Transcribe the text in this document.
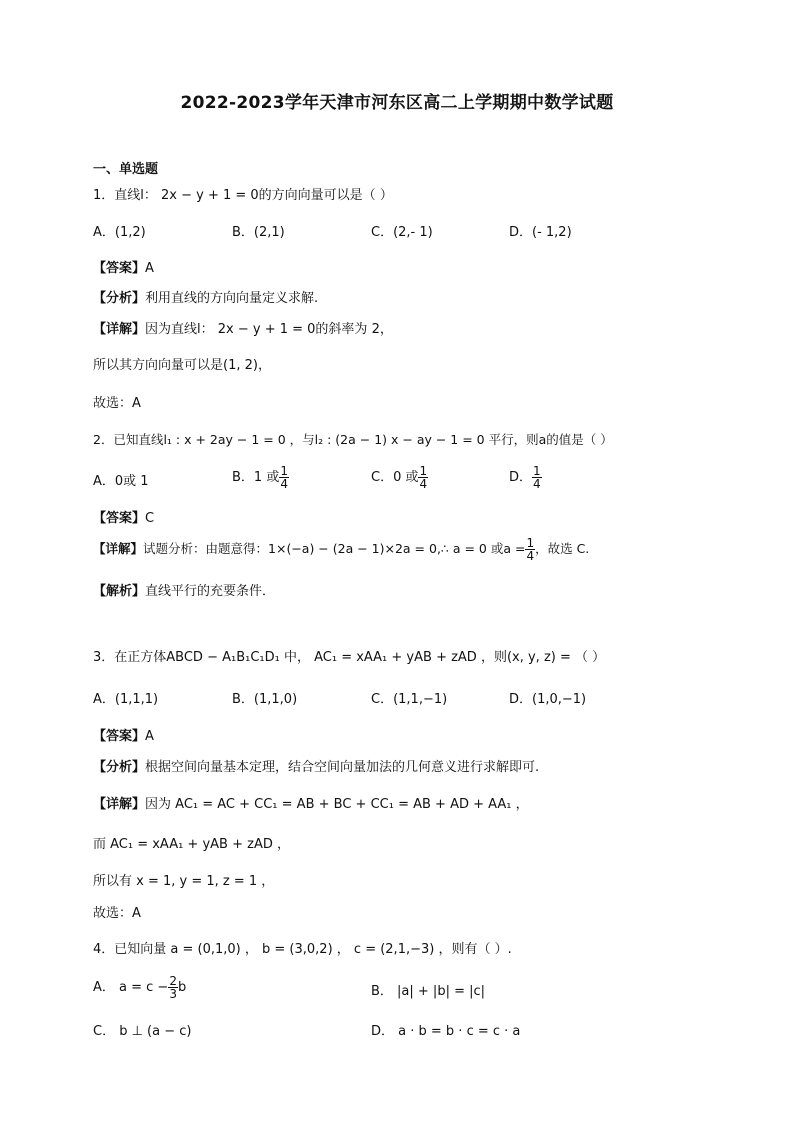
2022-2023学年天津市河东区高二上学期期中数学试题
一、单选题
1．直线l： 2x − y + 1 = 0的方向向量可以是（ ）
A．(1,2)	B．(2,1)	C．(2,- 1)	D．(- 1,2)
【答案】A
【分析】利用直线的方向向量定义求解.
【详解】因为直线l： 2x − y + 1 = 0的斜率为 2，
所以其方向向量可以是(1, 2)，
故选：A
2．已知直线l₁ : x + 2ay − 1 = 0 ，与l₂ : (2a − 1) x − ay − 1 = 0 平行，则a的值是（ ）
A．0或 1	B．1 或 $\frac{1}{4}$	C．0 或 $\frac{1}{4}$	D． $\frac{1}{4}$
【答案】C
【详解】试题分析：由题意得：1×(−a) − (2a − 1)×2a = 0,∴ a = 0 或$a = \frac{1}{4}$ ，故选 C.
【解析】直线平行的充要条件．
3．在正方体ABCD − A₁B₁C₁D₁ 中， AC₁ = xAA₁ + yAB + zAD ，则(x, y, z) = （ ）
A．(1,1,1)	B．(1,1,0)	C．(1,1,−1)	D．(1,0,−1)
【答案】A
【分析】根据空间向量基本定理，结合空间向量加法的几何意义进行求解即可.
【详解】因为 AC₁ = AC + CC₁ = AB + BC + CC₁ = AB + AD + AA₁ ，
而 AC₁ = xAA₁ + yAB + zAD ，
所以有 x = 1, y = 1, z = 1 ，
故选：A
4．已知向量 a = (0,1,0) ， b = (3,0,2) ， c = (2,1,−3) ，则有（ ）.
A． $a = c - \frac{2}{3}$ b	B． |a| + |b| = |c|
C． b ⊥ (a − c)	D． a · b = b · c = c · a
